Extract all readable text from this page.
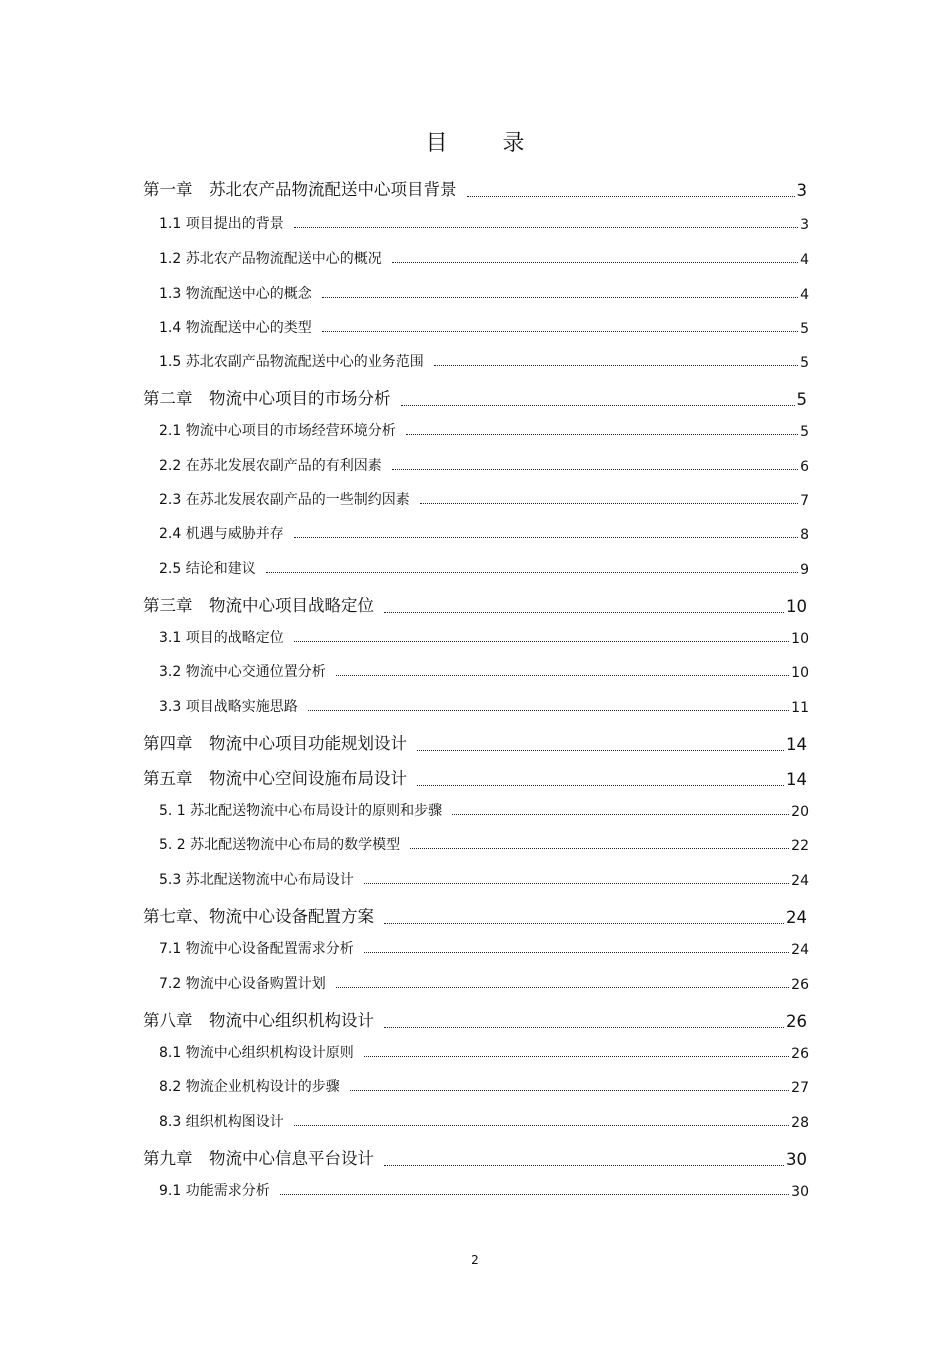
目 录
第一章　苏北农产品物流配送中心项目背景	3
1.1 项目提出的背景	3
1.2 苏北农产品物流配送中心的概况	4
1.3 物流配送中心的概念	4
1.4 物流配送中心的类型	5
1.5 苏北农副产品物流配送中心的业务范围	5
第二章　物流中心项目的市场分析	5
2.1 物流中心项目的市场经营环境分析	5
2.2 在苏北发展农副产品的有利因素	6
2.3 在苏北发展农副产品的一些制约因素	7
2.4 机遇与威胁并存	8
2.5 结论和建议	9
第三章　物流中心项目战略定位	10
3.1 项目的战略定位	10
3.2 物流中心交通位置分析	10
3.3 项目战略实施思路	11
第四章　物流中心项目功能规划设计	14
第五章　物流中心空间设施布局设计	14
5. 1 苏北配送物流中心布局设计的原则和步骤	20
5. 2 苏北配送物流中心布局的数学模型	22
5.3 苏北配送物流中心布局设计	24
第七章、物流中心设备配置方案	24
7.1 物流中心设备配置需求分析	24
7.2 物流中心设备购置计划	26
第八章　物流中心组织机构设计	26
8.1 物流中心组织机构设计原则	26
8.2 物流企业机构设计的步骤	27
8.3 组织机构图设计	28
第九章　物流中心信息平台设计	30
9.1 功能需求分析	30
2
